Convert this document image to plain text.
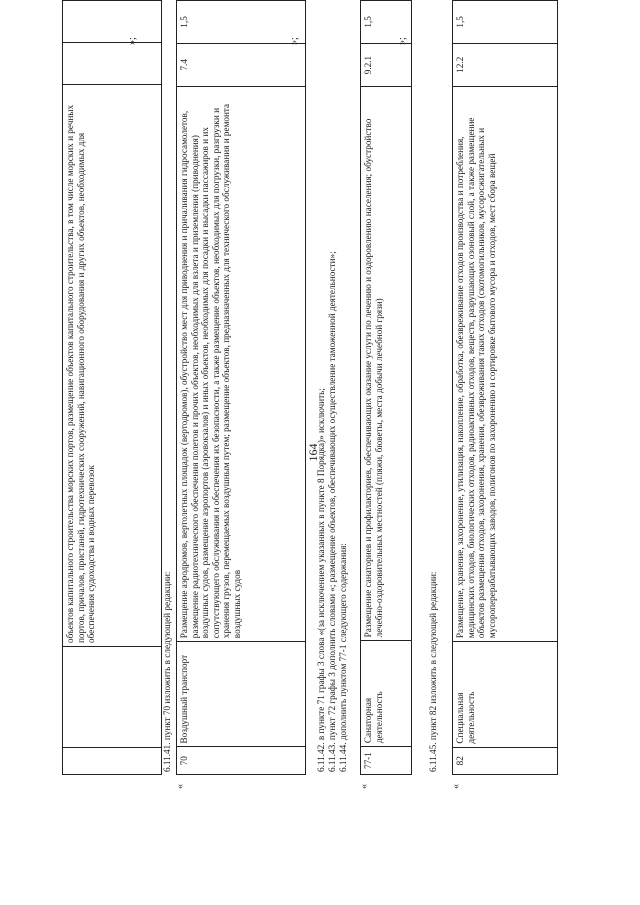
164
		объектов капитального строительства морских портов, размещение объектов капитального строительства, в том числе морских и речных портов, причалов, пристаней, гидротехнических сооружений, навигационного оборудования и других объектов, необходимых для обеспечения судоходства и водных перевозок		
»;
6.11.41. пункт 70 изложить в следующей редакции:
«
70	Воздушный транспорт	Размещение аэродромов, вертолетных площадок (вертодромов), обустройство мест для приводнения и причаливания гидросамолетов, размещение радиотехнического обеспечения полетов и прочих объектов, необходимых для взлета и приземления (приводнения) воздушных судов, размещение аэропортов (аэровокзалов) и иных объектов, необходимых для посадки и высадки пассажиров и их сопутствующего обслуживания и обеспечения их безопасности, а также размещение объектов, необходимых для погрузки, разгрузки и хранения грузов, перемещаемых воздушным путем; размещение объектов, предназначенных для технического обслуживания и ремонта воздушных судов	7.4	1,5
»;
6.11.42. в пункте 71 графы 3 слова «(за исключением указанных в пункте 8 Порядка)» исключить; 6.11.43. пункт 72 графы 3 дополнить словами «; размещение объектов, обеспечивающих осуществление таможенной деятельности»; 6.11.44. дополнить пунктом 77-1 следующего содержания:
«
77-1	Санаторная деятельность	Размещение санаториев и профилакториев, обеспечивающих оказание услуги по лечению и оздоровлению населения; обустройство лечебно-оздоровительных местностей (пляжи, бюветы, места добычи лечебной грязи)	9.2.1	1,5
»;
6.11.45. пункт 82 изложить в следующей редакции:
«
82	Специальная деятельность	Размещение, хранение, захоронение, утилизация, накопление, обработка, обезвреживание отходов производства и потребления, медицинских отходов, биологических отходов, радиоактивных отходов, веществ, разрушающих озоновый слой, а также размещение объектов размещения отходов, захоронения, хранения, обезвреживания таких отходов (скотомогильников, мусоросжигательных и мусороперерабатывающих заводов, полигонов по захоронению и сортировке бытового мусора и отходов, мест сбора вещей	12.2	1,5
